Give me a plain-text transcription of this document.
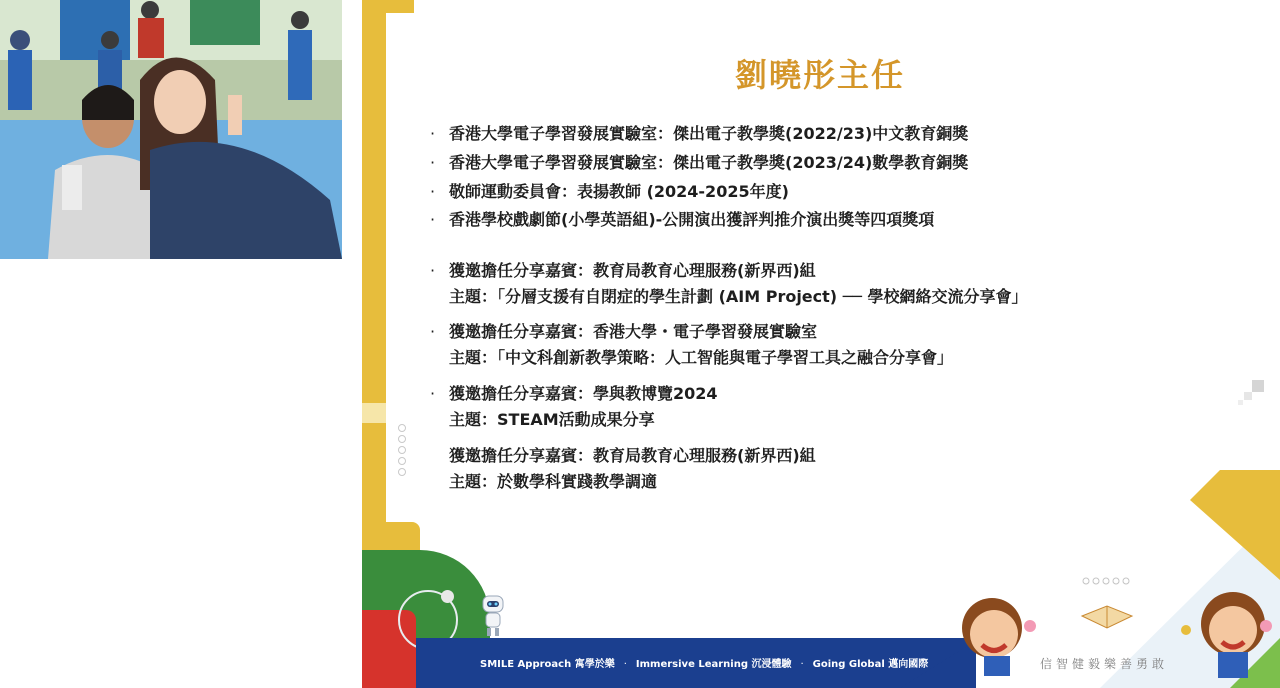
劉曉彤主任
· 香港大學電子學習發展實驗室：傑出電子教學獎(2022/23)中文教育銅獎
· 香港大學電子學習發展實驗室：傑出電子教學獎(2023/24)數學教育銅獎
· 敬師運動委員會：表揚教師 (2024-2025年度)
· 香港學校戲劇節(小學英語組)-公開演出獲評判推介演出獎等四項獎項
· 獲邀擔任分享嘉賓：教育局教育心理服務(新界西)組
主題：「分層支援有自閉症的學生計劃 (AIM Project) ── 學校網絡交流分享會」
· 獲邀擔任分享嘉賓：香港大學・電子學習發展實驗室
主題：「中文科創新教學策略：人工智能與電子學習工具之融合分享會」
· 獲邀擔任分享嘉賓：學與教博覽2024
主題：STEAM活動成果分享
獲邀擔任分享嘉賓：教育局教育心理服務(新界西)組
主題：於數學科實踐教學調適
SMILE Approach 寓學於樂 · Immersive Learning 沉浸體驗 · Going Global 邁向國際	信智健毅樂善勇敢
